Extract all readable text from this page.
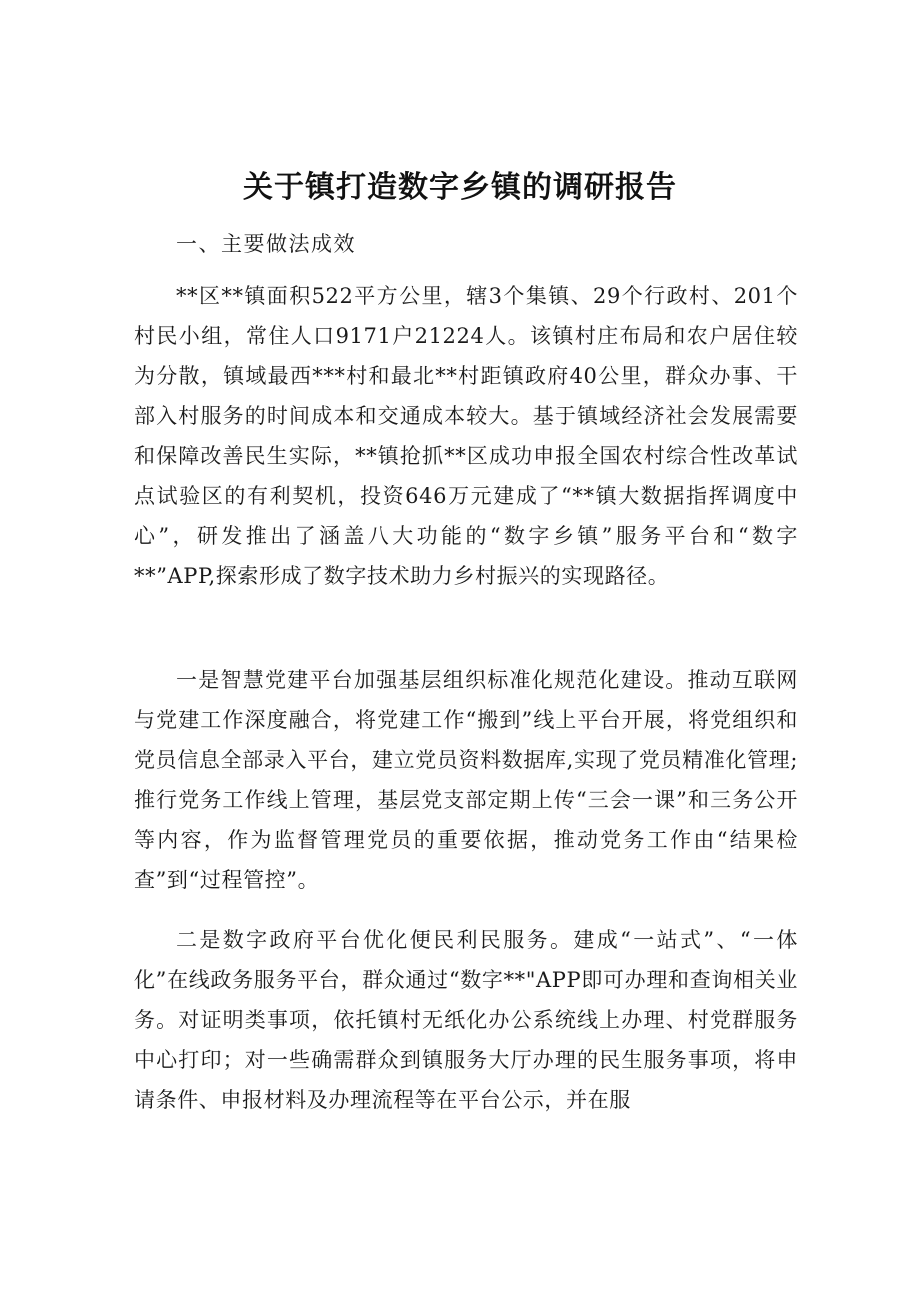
关于镇打造数字乡镇的调研报告
一、主要做法成效

**区**镇面积522平方公里，辖3个集镇、29个行政村、201个村民小组，常住人口9171户21224人。该镇村庄布局和农户居住较为分散，镇域最西***村和最北**村距镇政府40公里，群众办事、干部入村服务的时间成本和交通成本较大。基于镇域经济社会发展需要和保障改善民生实际，**镇抢抓**区成功申报全国农村综合性改革试点试验区的有利契机，投资646万元建成了“**镇大数据指挥调度中心”，研发推出了涵盖八大功能的“数字乡镇”服务平台和“数字**”APP,探索形成了数字技术助力乡村振兴的实现路径。

一是智慧党建平台加强基层组织标准化规范化建设。推动互联网与党建工作深度融合，将党建工作“搬到”线上平台开展，将党组织和党员信息全部录入平台，建立党员资料数据库,实现了党员精准化管理;推行党务工作线上管理，基层党支部定期上传“三会一课”和三务公开等内容，作为监督管理党员的重要依据，推动党务工作由“结果检查”到“过程管控”。

二是数字政府平台优化便民利民服务。建成“一站式”、“一体化”在线政务服务平台，群众通过“数字**"APP即可办理和查询相关业务。对证明类事项，依托镇村无纸化办公系统线上办理、村党群服务中心打印；对一些确需群众到镇服务大厅办理的民生服务事项，将申请条件、申报材料及办理流程等在平台公示，并在服
